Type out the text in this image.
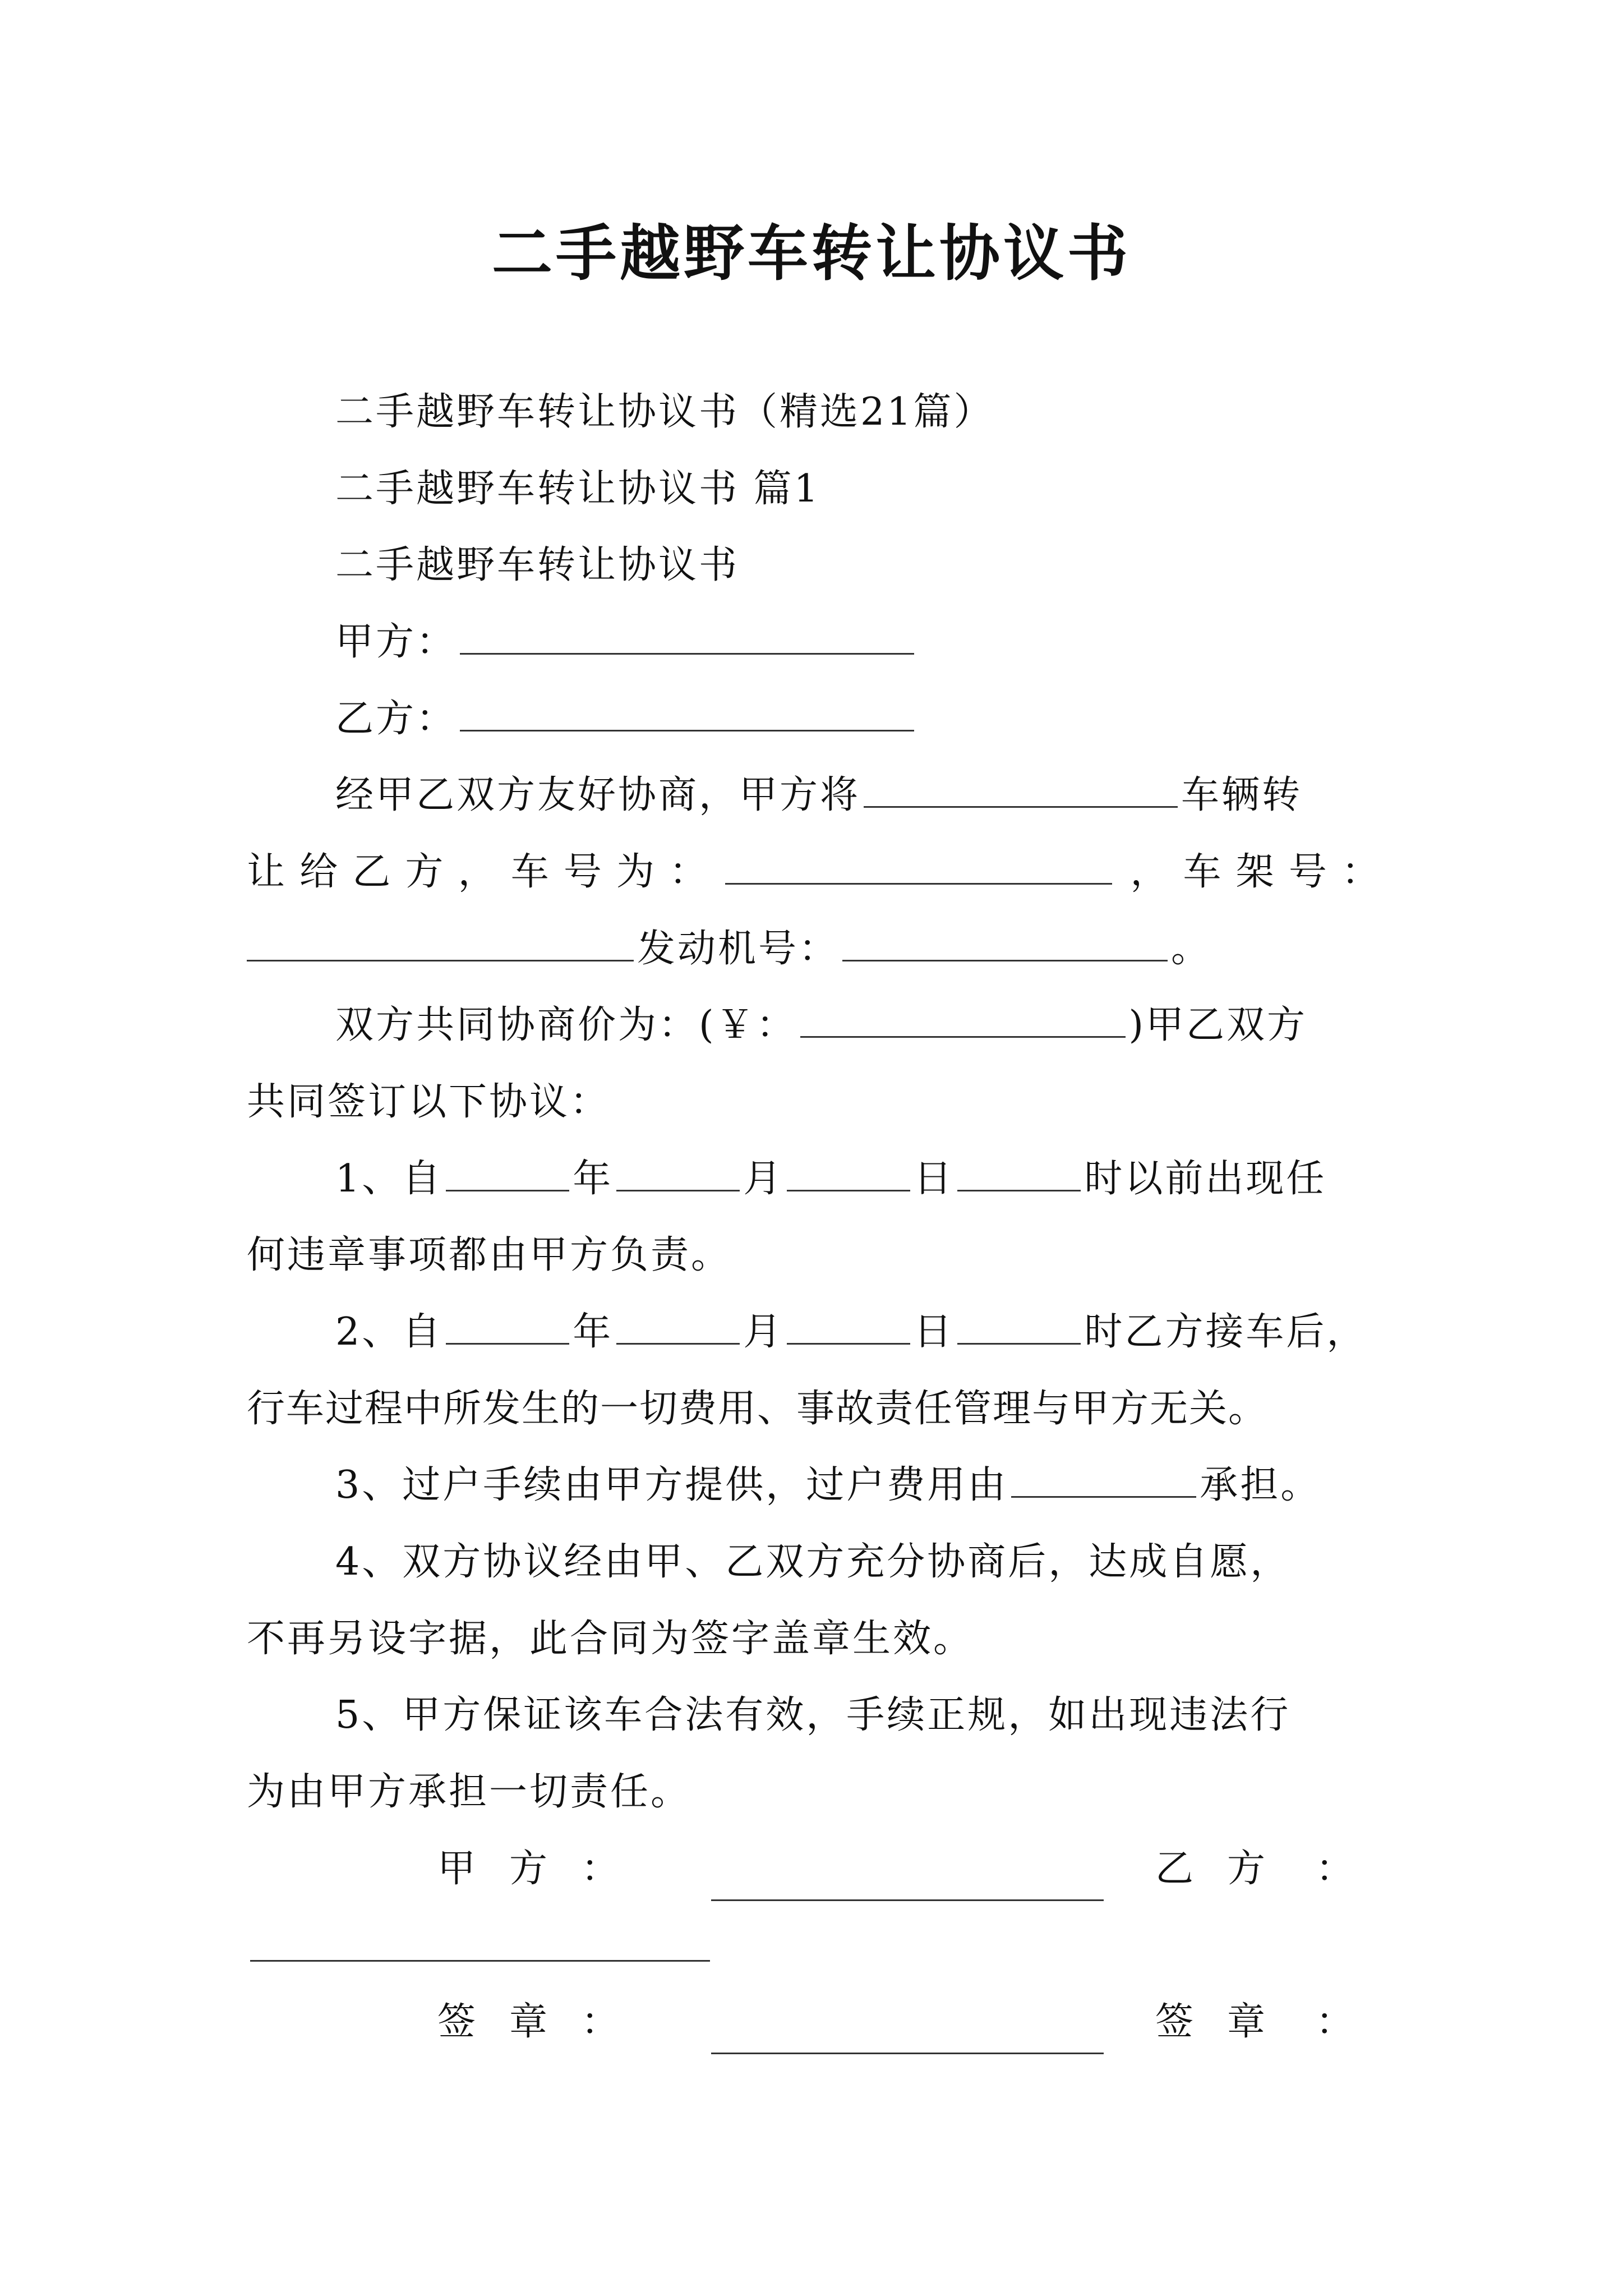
二手越野车转让协议书
二手越野车转让协议书（精选21篇）
二手越野车转让协议书 篇1
二手越野车转让协议书
甲方：
乙方：
经甲乙双方友好协商，甲方将	车辆转
让 给 乙 方 ， 车 号 为 ：	， 车 架 号 ：
发动机号：	。
双方共同协商价为：(￥：	)甲乙双方
共同签订以下协议：
1、自	年	月	日	时以前出现任
何违章事项都由甲方负责。
2、自	年	月	日	时乙方接车后，
行车过程中所发生的一切费用、事故责任管理与甲方无关。
3、过户手续由甲方提供，过户费用由	承担。
4、双方协议经由甲、乙双方充分协商后，达成自愿，
不再另设字据，此合同为签字盖章生效。
5、甲方保证该车合法有效，手续正规，如出现违法行
为由甲方承担一切责任。
甲方：	乙方 ：
签章：	签章 ：
